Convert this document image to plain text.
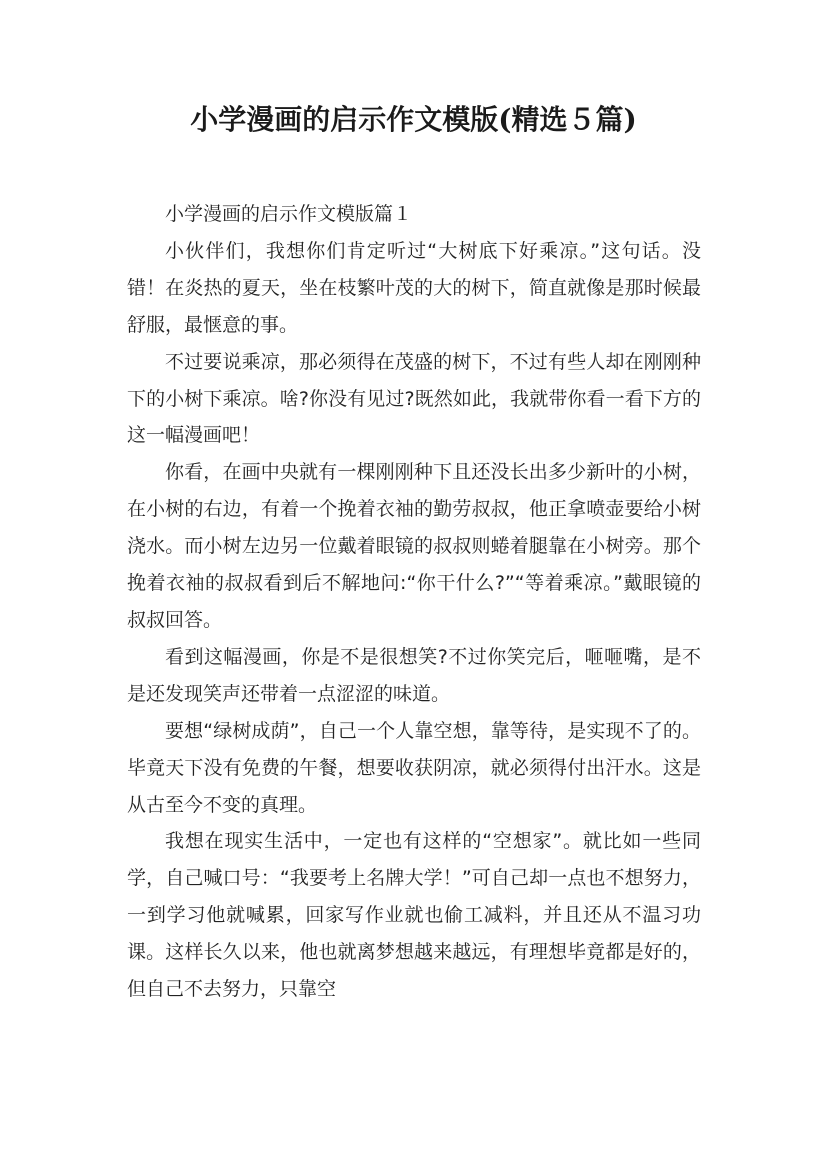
小学漫画的启示作文模版(精选５篇)

小学漫画的启示作文模版篇１

小伙伴们，我想你们肯定听过“大树底下好乘凉。”这句话。没错！在炎热的夏天，坐在枝繁叶茂的大的树下，简直就像是那时候最舒服，最惬意的事。

不过要说乘凉，那必须得在茂盛的树下，不过有些人却在刚刚种下的小树下乘凉。啥?你没有见过?既然如此，我就带你看一看下方的这一幅漫画吧！

你看，在画中央就有一棵刚刚种下且还没长出多少新叶的小树，在小树的右边，有着一个挽着衣袖的勤劳叔叔，他正拿喷壶要给小树浇水。而小树左边另一位戴着眼镜的叔叔则蜷着腿靠在小树旁。那个挽着衣袖的叔叔看到后不解地问:“你干什么?”“等着乘凉。”戴眼镜的叔叔回答。

看到这幅漫画，你是不是很想笑?不过你笑完后，咂咂嘴，是不是还发现笑声还带着一点涩涩的味道。

要想“绿树成荫”，自己一个人靠空想，靠等待，是实现不了的。毕竟天下没有免费的午餐，想要收获阴凉，就必须得付出汗水。这是从古至今不变的真理。

我想在现实生活中，一定也有这样的“空想家”。就比如一些同学，自己喊口号：“我要考上名牌大学！”可自己却一点也不想努力，一到学习他就喊累，回家写作业就也偷工减料，并且还从不温习功课。这样长久以来，他也就离梦想越来越远，有理想毕竟都是好的，但自己不去努力，只靠空
